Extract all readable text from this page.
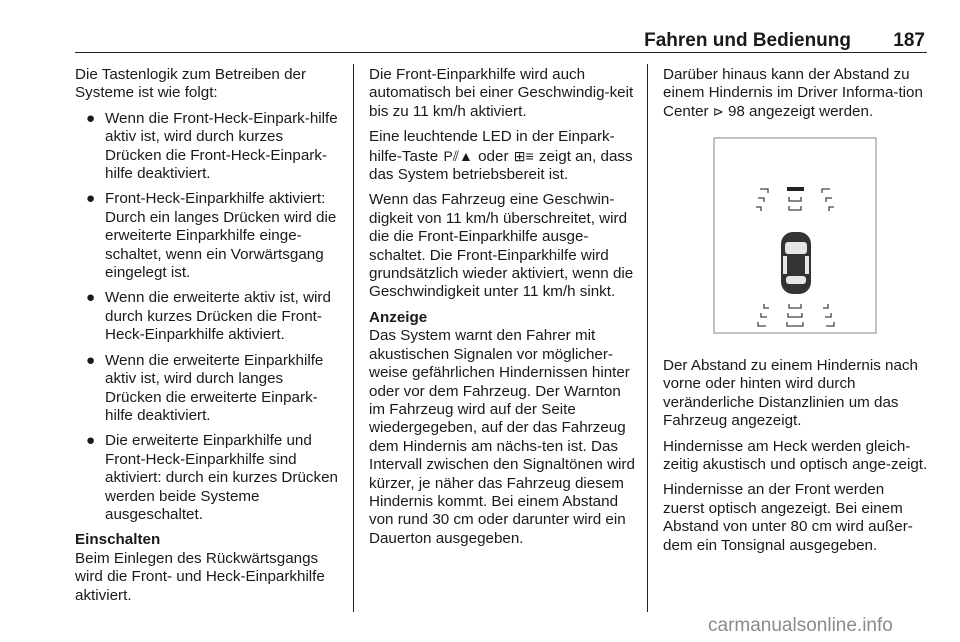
Fahren und Bedienung 187

Die Tastenlogik zum Betreiben der Systeme ist wie folgt:

● Wenn die Front-Heck-Einpark-hilfe aktiv ist, wird durch kurzes Drücken die Front-Heck-Einpark-hilfe deaktiviert.
● Front-Heck-Einparkhilfe aktiviert: Durch ein langes Drücken wird die erweiterte Einparkhilfe einge-schaltet, wenn ein Vorwärtsgang eingelegt ist.
● Wenn die erweiterte aktiv ist, wird durch kurzes Drücken die Front-Heck-Einparkhilfe aktiviert.
● Wenn die erweiterte Einparkhilfe aktiv ist, wird durch langes Drücken die erweiterte Einpark-hilfe deaktiviert.
● Die erweiterte Einparkhilfe und Front-Heck-Einparkhilfe sind aktiviert: durch ein kurzes Drücken werden beide Systeme ausgeschaltet.
Einschalten

Beim Einlegen des Rückwärtsgangs wird die Front- und Heck-Einparkhilfe aktiviert.

Die Front-Einparkhilfe wird auch automatisch bei einer Geschwindig-keit bis zu 11 km/h aktiviert.

Eine leuchtende LED in der Einpark-hilfe-Taste P⫽▲ oder ⊞≡ zeigt an, dass das System betriebsbereit ist.

Wenn das Fahrzeug eine Geschwin-digkeit von 11 km/h überschreitet, wird die die Front-Einparkhilfe ausge-schaltet. Die Front-Einparkhilfe wird grundsätzlich wieder aktiviert, wenn die Geschwindigkeit unter 11 km/h sinkt.

Anzeige

Das System warnt den Fahrer mit akustischen Signalen vor möglicher-weise gefährlichen Hindernissen hinter oder vor dem Fahrzeug. Der Warnton im Fahrzeug wird auf der Seite wiedergegeben, auf der das Fahrzeug dem Hindernis am nächs-ten ist. Das Intervall zwischen den Signaltönen wird kürzer, je näher das Fahrzeug diesem Hindernis kommt. Bei einem Abstand von rund 30 cm oder darunter wird ein Dauerton ausgegeben.

Darüber hinaus kann der Abstand zu einem Hindernis im Driver Informa-tion Center ⊳ 98 angezeigt werden.

Der Abstand zu einem Hindernis nach vorne oder hinten wird durch veränderliche Distanzlinien um das Fahrzeug angezeigt.

Hindernisse am Heck werden gleich-zeitig akustisch und optisch ange-zeigt.

Hindernisse an der Front werden zuerst optisch angezeigt. Bei einem Abstand von unter 80 cm wird außer-dem ein Tonsignal ausgegeben.

carmanualsonline.info
